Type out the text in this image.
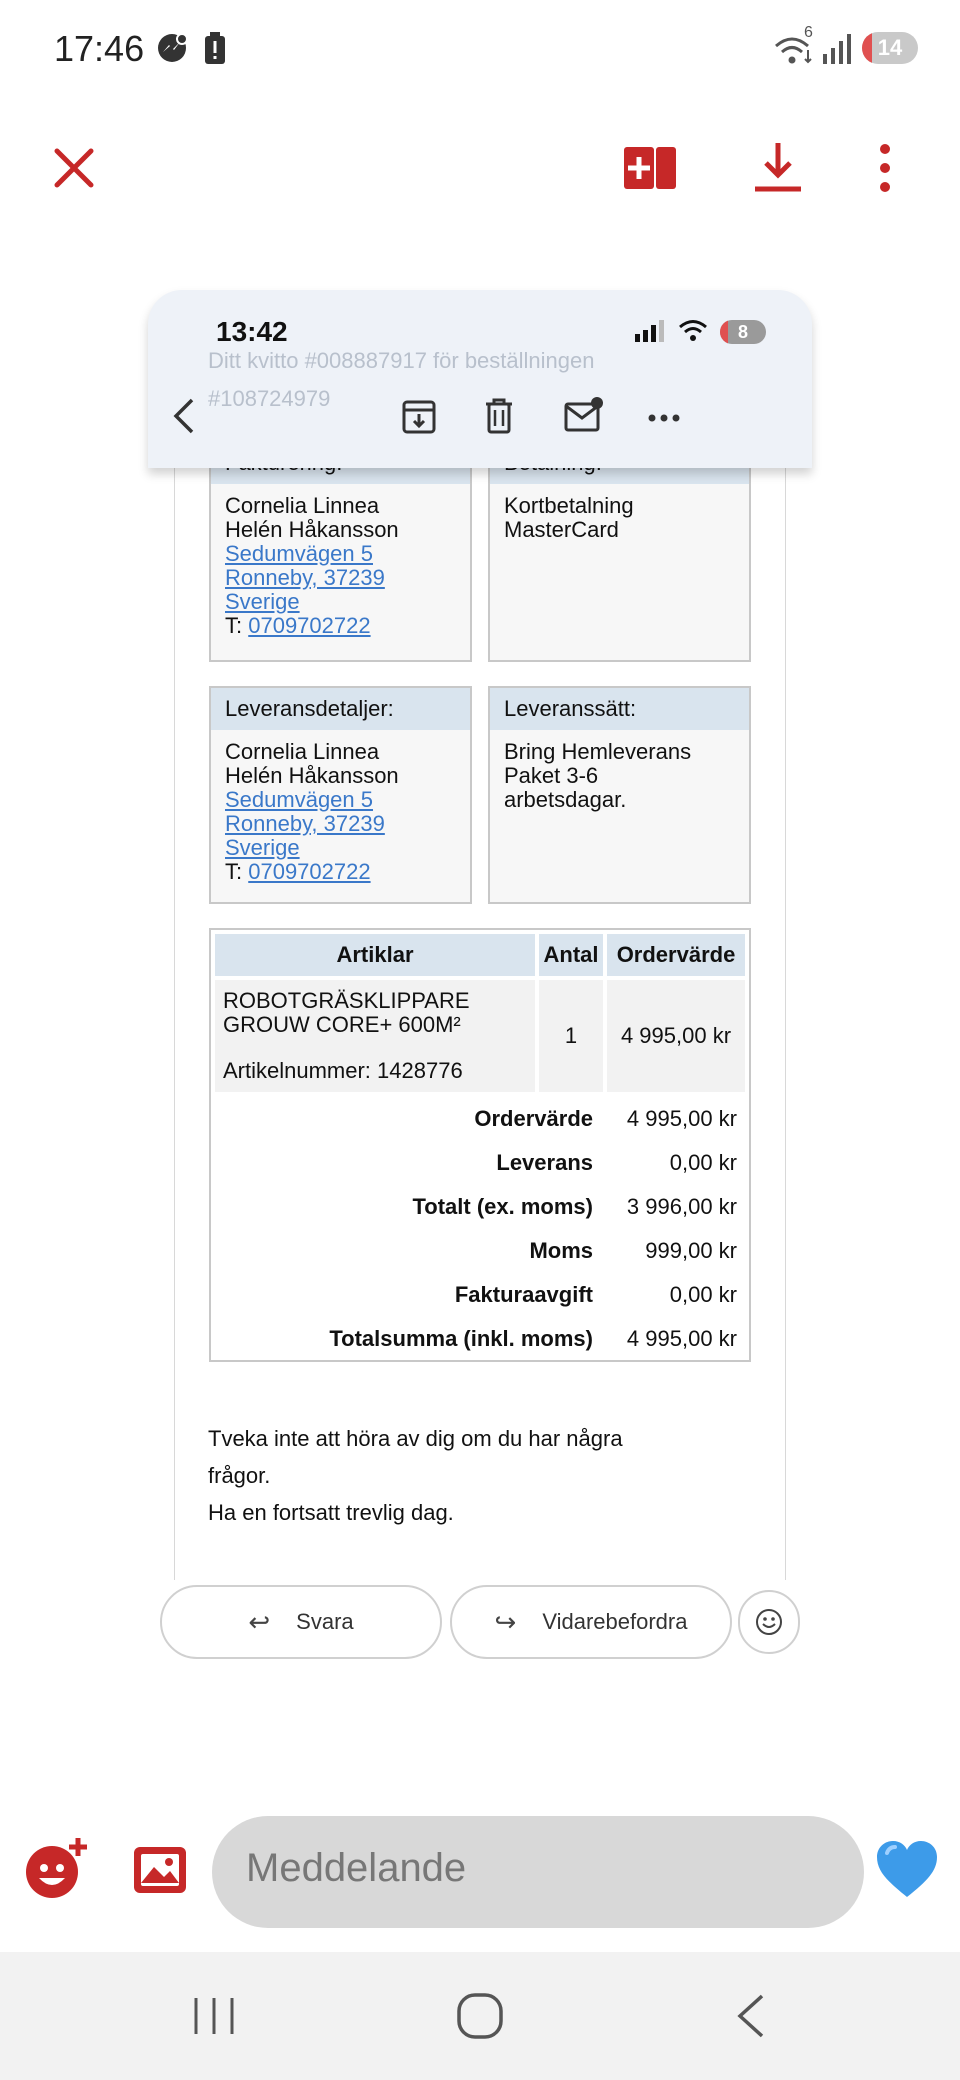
17:46	6
14
Cornelia Linnea
Helén Håkansson
Sedumvägen 5
Ronneby, 37239
Sverige
T: 0709702722
Kortbetalning
MasterCard
Leveransdetaljer:
Cornelia Linnea
Helén Håkansson
Sedumvägen 5
Ronneby, 37239
Sverige
T: 0709702722
Leveranssätt:
Bring Hemleverans
Paket 3-6
arbetsdagar.
Artiklar	Antal Ordervärde
ROBOTGRÄSKLIPPARE
GROUW CORE+ 600M²
Artikelnummer: 1428776
1	4 995,00 kr
Ordervärde 4 995,00 kr
Leverans	0,00 kr
Totalt (ex. moms) 3 996,00 kr
Moms 999,00 kr
Fakturaavgift	0,00 kr
Totalsumma (inkl. moms) 4 995,00 kr
Tveka inte att höra av dig om du har några
frågor.
Ha en fortsatt trevlig dag.
↩ Svara	↪ Vidarebefordra
Ditt kvitto #008887917 för beställningen
#108724979
13:42	8
Meddelande
